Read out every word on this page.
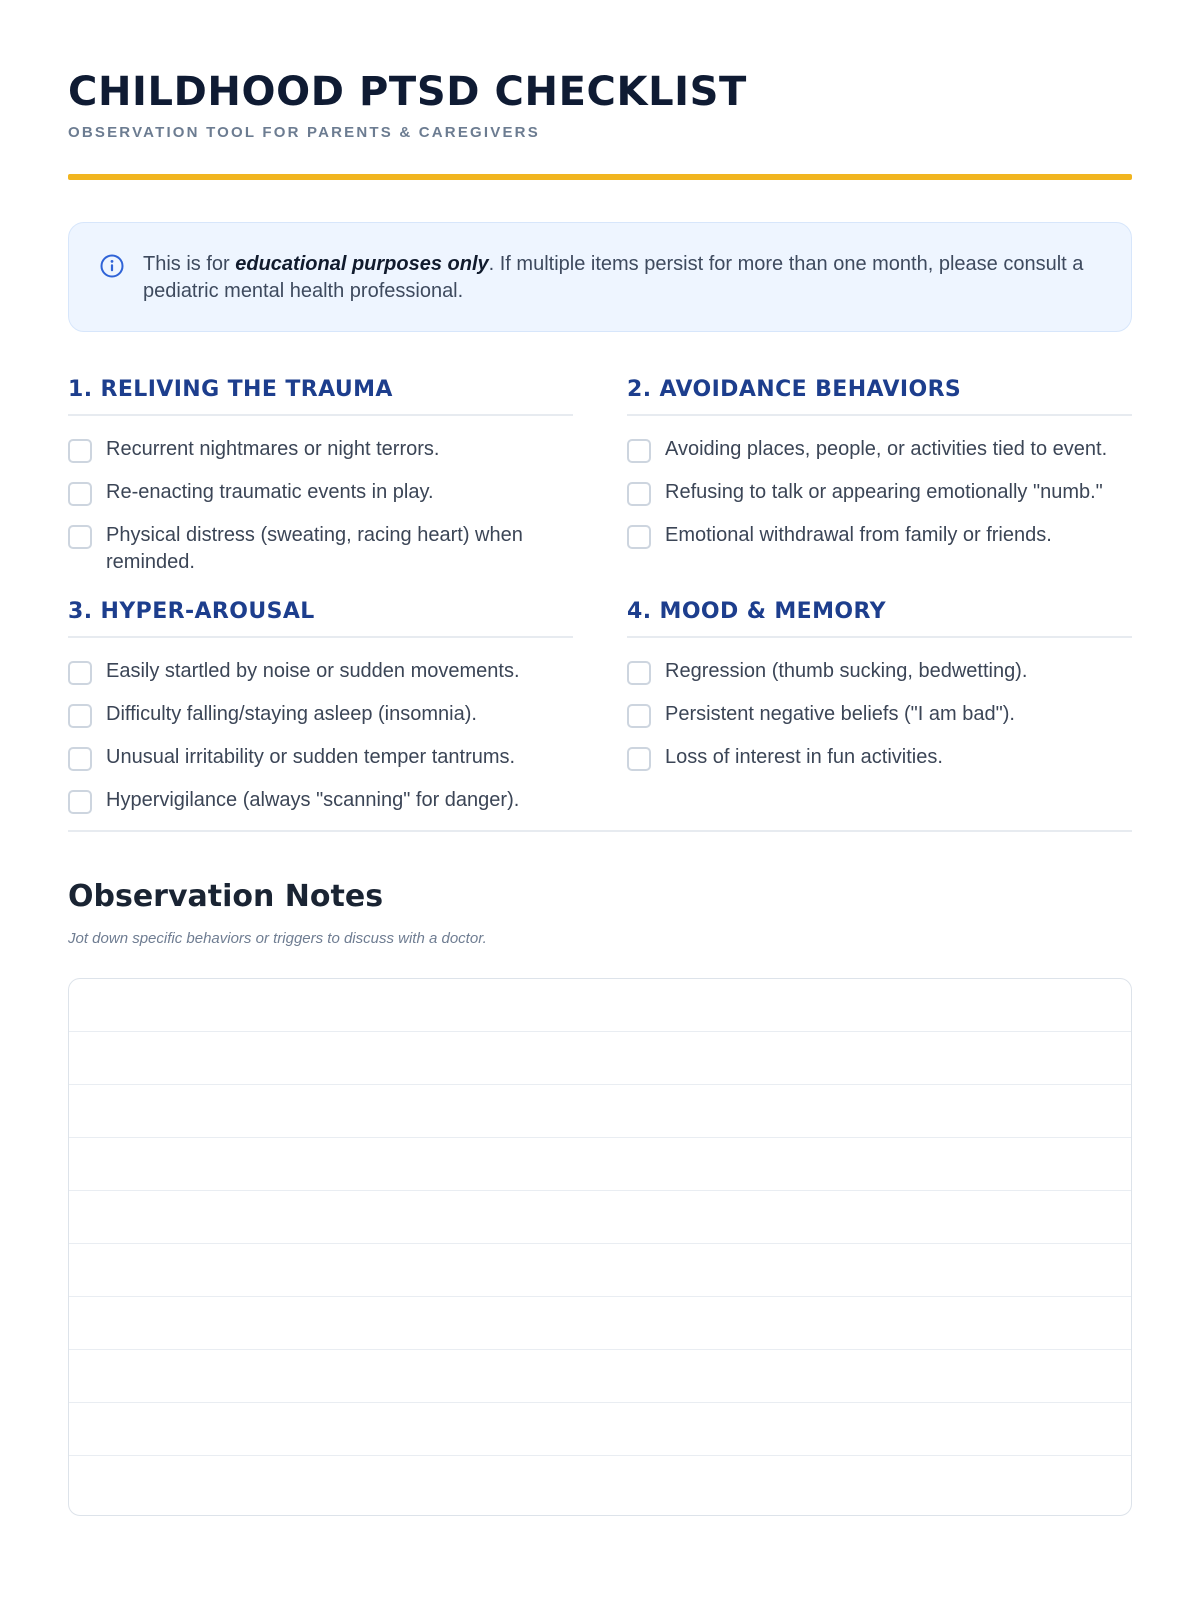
CHILDHOOD PTSD CHECKLIST
OBSERVATION TOOL FOR PARENTS & CAREGIVERS
This is for educational purposes only. If multiple items persist for more than one month, please consult a pediatric mental health professional.
1. RELIVING THE TRAUMA
Recurrent nightmares or night terrors.
Re-enacting traumatic events in play.
Physical distress (sweating, racing heart) when reminded.
2. AVOIDANCE BEHAVIORS
Avoiding places, people, or activities tied to event.
Refusing to talk or appearing emotionally "numb."
Emotional withdrawal from family or friends.
3. HYPER-AROUSAL
Easily startled by noise or sudden movements.
Difficulty falling/staying asleep (insomnia).
Unusual irritability or sudden temper tantrums.
Hypervigilance (always "scanning" for danger).
4. MOOD & MEMORY
Regression (thumb sucking, bedwetting).
Persistent negative beliefs ("I am bad").
Loss of interest in fun activities.
Observation Notes
Jot down specific behaviors or triggers to discuss with a doctor.
